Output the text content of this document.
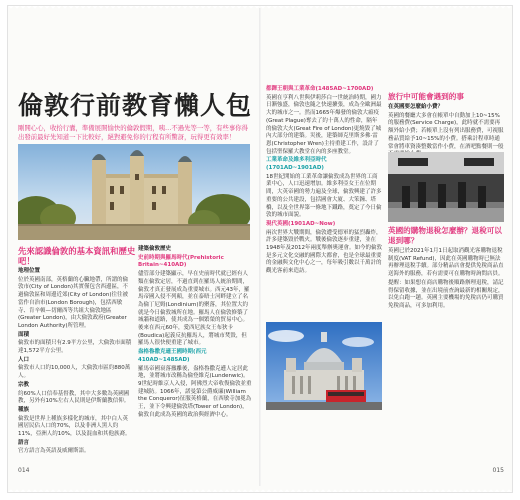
倫敦行前教育懶人包
剛開心心，收拾行囊，準備展開愉快的倫敦假期，咦…不過先等一等，有些事你得出發前最好先知道一下比較好，絕對避免你的行程有所驚訝，玩得更有效率！
先來認識倫敦的基本資訊和歷史吧！

地理位置

位於英國南部，英格蘭的心臟地帶，所謂的倫敦市(City of London)其實僅包含西邊區，不過倫敦區和周邊近郊(City of London)往往被當作自治市(London Borough)，包括西敏寺、肯辛頓—切爾西等共組大倫敦地區(Greater London)，由大倫敦政府(Greater London Authority)所管理。

面積

倫敦市的面積只有2.9平方公里，大倫敦市面積達1,572平方公里。

人口

倫敦市人口約10,000人，大倫敦市區約880萬人。

宗教

約60%人口信奉基督教，其中大多數為英國國教，另外有10%左右人民則是伊斯蘭教信仰。

種族

倫敦是世界上種族多樣化的城市，其中白人英國居民佔人口的70%，以及非洲人黑人約11%，亞洲人約10%，以及混血和其他族裔。

語言

官方語言為英語及威爾斯語。

建築倫敦歷史

史前時期與羅馬時代(Prehistoric Britain~410AD)

儘管部分建築顯示，早在史前時代就已經有人類在倫敦定居，不過直到在羅馬人統治期間，倫敦才真正發展成為重要城市。西元43年，羅馬帝國入侵不列顛，並在泰晤士河畔建立了名為倫丁尼姆(Londinium)的聚落，其位置大約就是今日倫敦城所在地。羅馬人在倫敦修築了城牆和道路，使其成為一個繁榮的貿易中心。後來在西元60年，愛西尼族女王布狄卡(Boudica)起義反抗羅馬人，將城市焚毀，但羅馬人很快便重建了城市。

盎格魯撒克遜王國時期(西元410AD~1485AD)

羅馬帝國衰落撤離後，盎格魯撒克遜人定居此地，並將城市改稱為倫登維克(Lundenwic)。9世紀時維京人入侵，阿佛烈大帝收復倫敦並重建城防。1066年，諾曼第公爵威廉(William the Conqueror)征服英格蘭，在西敏寺加冕為王，並下令興建倫敦塔(Tower of London)，倫敦自此成為英國的政治與經濟中心。

014

都鐸王朝與工業革命(1485AD~1700AD)

英國在亨利八世與伊莉莎白一世統治時期，國力日漸強盛，倫敦也隨之快速擴張，成為全歐洲最大的城市之一。然而1665年爆發的倫敦大瘟疫(Great Plague)奪去了約十萬人的性命，隔年的倫敦大火(Great Fire of London)更燒毀了城內大部分的建築。災後，建築師克里斯多佛·雷恩(Christopher Wren)主持重建工作，設計了包括聖保羅大教堂在內的多座教堂。

工業革命及維多利亞時代(1701AD~1901AD)

18世紀開始的工業革命讓倫敦成為世界的工商業中心，人口迅速增加。維多利亞女王在位期間，大英帝國的勢力遍及全球，倫敦興建了許多重要的公共建設，包括國會大廈、大笨鐘、塔橋，以及全世界第一條地下鐵路，奠定了今日倫敦的城市面貌。

現代英國(1901AD~Now)

兩次世界大戰期間，倫敦遭受德軍的猛烈轟炸，許多建築毀於戰火。戰後倫敦逐步重建，並在1948年及2012年兩度舉辦奧運會。如今的倫敦是多元文化交融的國際大都會，也是全球最重要的金融與文化中心之一，每年吸引數以千萬計的觀光客前來造訪。

旅行中可能會遇到的事

在英國要怎麼給小費？

英國的餐廳大多會在帳單中自動加上10~15%的服務費(Service Charge)，此時就不需要再額外給小費；若帳單上沒有列出服務費，可視服務品質給予10~15%的小費。搭乘計程車時通常會將車資湊整數當作小費，在酒吧點餐則一般

英國的購物退稅怎麼辦？退稅可以退到哪？

英國已於2021年1月1日起取消觀光客購物退稅制度(VAT Refund)，因此在英國購物時已無法再辦理退稅手續。部分精品店會提供免稅商品直送海外的服務，若有需要可在購物時詢問店員。

提醒：如果想在商店購物後順路辦理退稅，請記得保留收據，並在出境前查詢最新的相關規定，以免白跑一趟。英國主要機場的免稅店仍可購買免稅商品，可多加利用。

015
